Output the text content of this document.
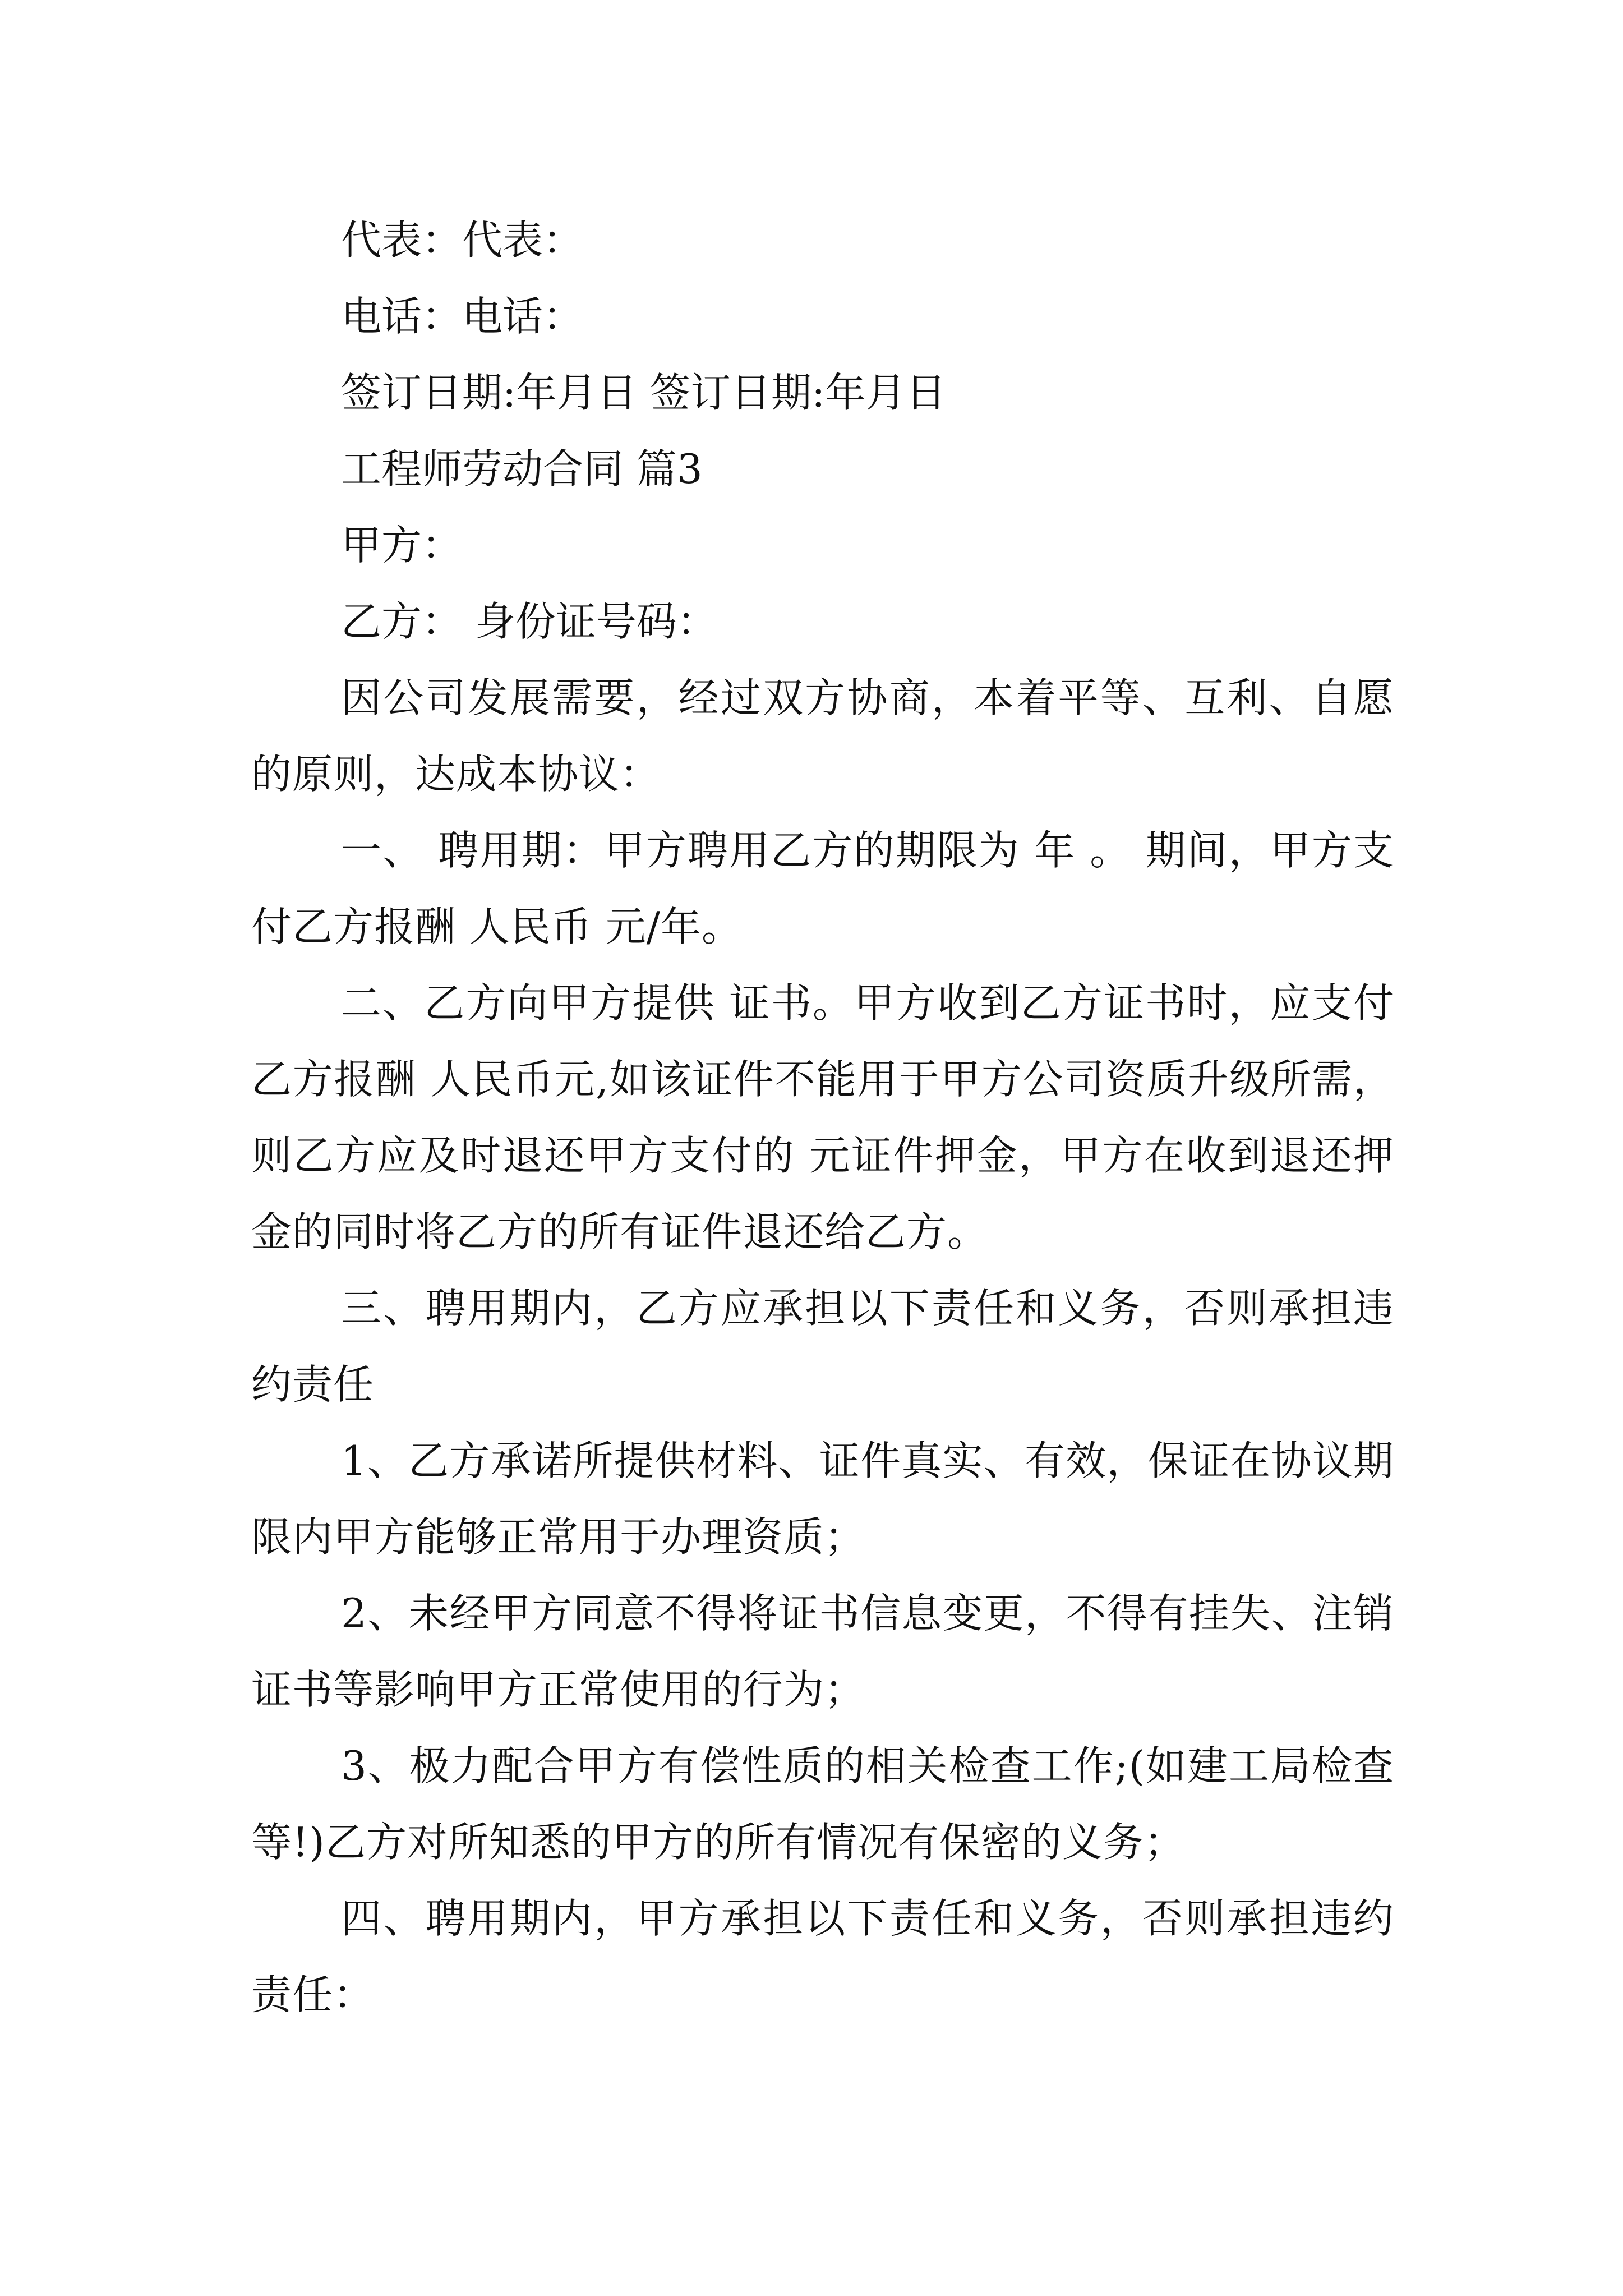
代表：代表：

电话：电话：

签订日期:年月日 签订日期:年月日

工程师劳动合同 篇3

甲方：

乙方： 身份证号码：

因公司发展需要，经过双方协商，本着平等、互利、自愿的原则，达成本协议：

一、 聘用期：甲方聘用乙方的期限为 年 。 期间，甲方支付乙方报酬 人民币 元/年。

二、乙方向甲方提供 证书。甲方收到乙方证书时，应支付乙方报酬 人民币元,如该证件不能用于甲方公司资质升级所需，则乙方应及时退还甲方支付的 元证件押金，甲方在收到退还押金的同时将乙方的所有证件退还给乙方。

三、聘用期内，乙方应承担以下责任和义务，否则承担违约责任

1、乙方承诺所提供材料、证件真实、有效，保证在协议期限内甲方能够正常用于办理资质；

2、未经甲方同意不得将证书信息变更，不得有挂失、注销证书等影响甲方正常使用的行为；

3、极力配合甲方有偿性质的相关检查工作;(如建工局检查等!)乙方对所知悉的甲方的所有情况有保密的义务；

四、聘用期内，甲方承担以下责任和义务，否则承担违约责任：
